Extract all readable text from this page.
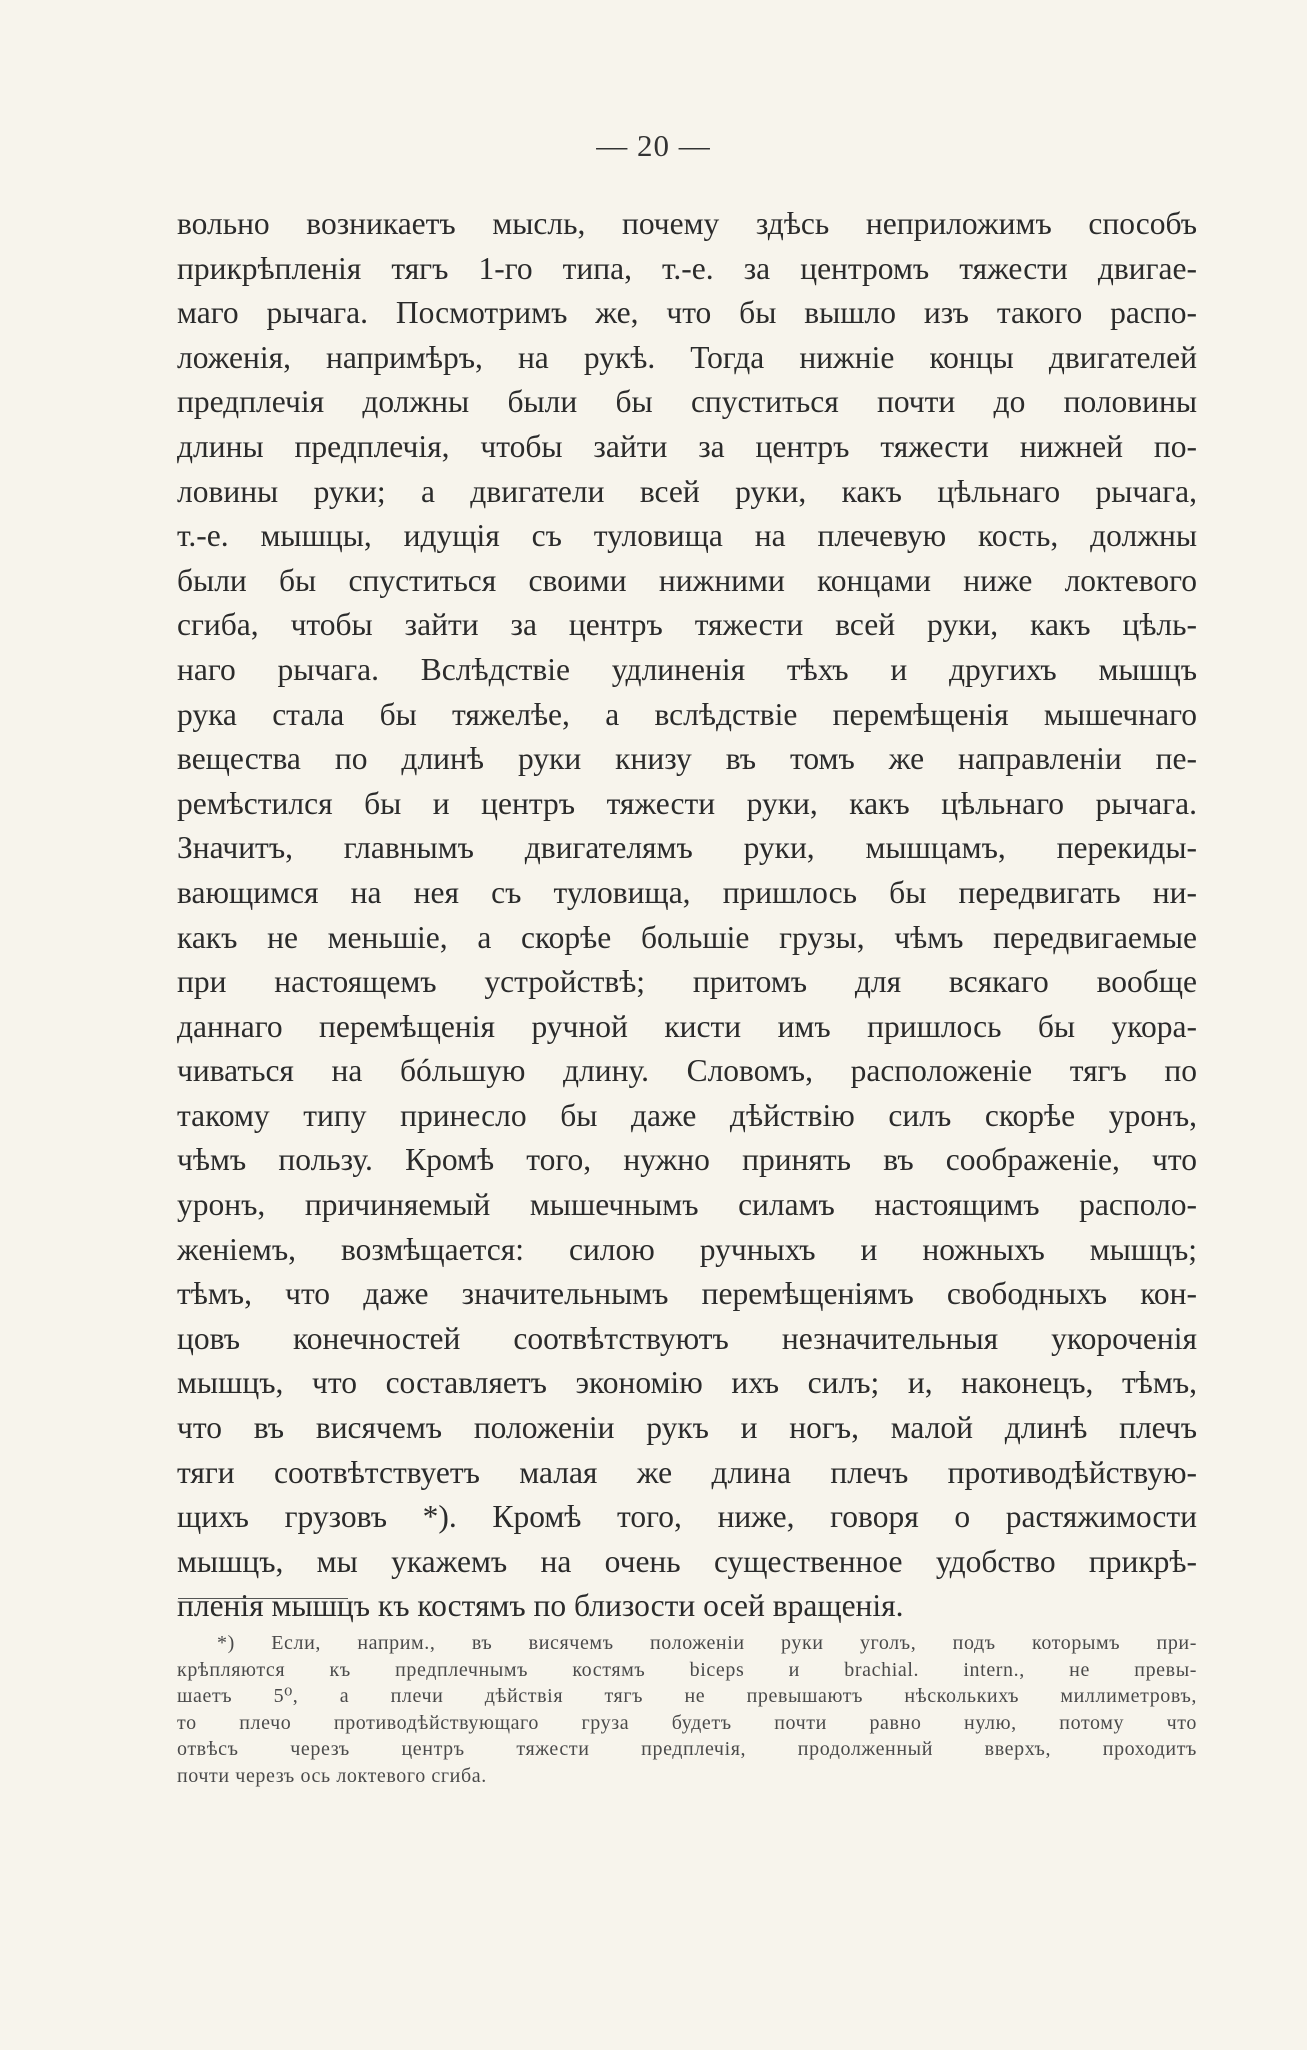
— 20 —
вольно возникаетъ мысль, почему здѣсь неприложимъ способъ
прикрѣпленія тягъ 1-го типа, т.-е. за центромъ тяжести двигае-
маго рычага. Посмотримъ же, что бы вышло изъ такого распо-
ложенія, напримѣръ, на рукѣ. Тогда нижніе концы двигателей
предплечія должны были бы спуститься почти до половины
длины предплечія, чтобы зайти за центръ тяжести нижней по-
ловины руки; а двигатели всей руки, какъ цѣльнаго рычага,
т.-е. мышцы, идущія съ туловища на плечевую кость, должны
были бы спуститься своими нижними концами ниже локтевого
сгиба, чтобы зайти за центръ тяжести всей руки, какъ цѣль-
наго рычага. Вслѣдствіе удлиненія тѣхъ и другихъ мышцъ
рука стала бы тяжелѣе, а вслѣдствіе перемѣщенія мышечнаго
вещества по длинѣ руки книзу въ томъ же направленіи пе-
ремѣстился бы и центръ тяжести руки, какъ цѣльнаго рычага.
Значитъ, главнымъ двигателямъ руки, мышцамъ, перекиды-
вающимся на нея съ туловища, пришлось бы передвигать ни-
какъ не меньшіе, а скорѣе большіе грузы, чѣмъ передвигаемые
при настоящемъ устройствѣ; притомъ для всякаго вообще
даннаго перемѣщенія ручной кисти имъ пришлось бы укора-
чиваться на бóльшую длину. Словомъ, расположеніе тягъ по
такому типу принесло бы даже дѣйствію силъ скорѣе уронъ,
чѣмъ пользу. Кромѣ того, нужно принять въ соображеніе, что
уронъ, причиняемый мышечнымъ силамъ настоящимъ располо-
женіемъ, возмѣщается: силою ручныхъ и ножныхъ мышцъ;
тѣмъ, что даже значительнымъ перемѣщеніямъ свободныхъ кон-
цовъ конечностей соотвѣтствуютъ незначительныя укороченія
мышцъ, что составляетъ экономію ихъ силъ; и, наконецъ, тѣмъ,
что въ висячемъ положеніи рукъ и ногъ, малой длинѣ плечъ
тяги соотвѣтствуетъ малая же длина плечъ противодѣйствую-
щихъ грузовъ *). Кромѣ того, ниже, говоря о растяжимости
мышцъ, мы укажемъ на очень существенное удобство прикрѣ-
пленія мышцъ къ костямъ по близости осей вращенія.
*) Если, наприм., въ висячемъ положеніи руки уголъ, подъ которымъ при-
крѣпляются къ предплечнымъ костямъ biceps и brachial. intern., не превы-
шаетъ 5⁰, а плечи дѣйствія тягъ не превышаютъ нѣсколькихъ миллиметровъ,
то плечо противодѣйствующаго груза будетъ почти равно нулю, потому что
отвѣсъ черезъ центръ тяжести предплечія, продолженный вверхъ, проходитъ
почти черезъ ось локтевого сгиба.
